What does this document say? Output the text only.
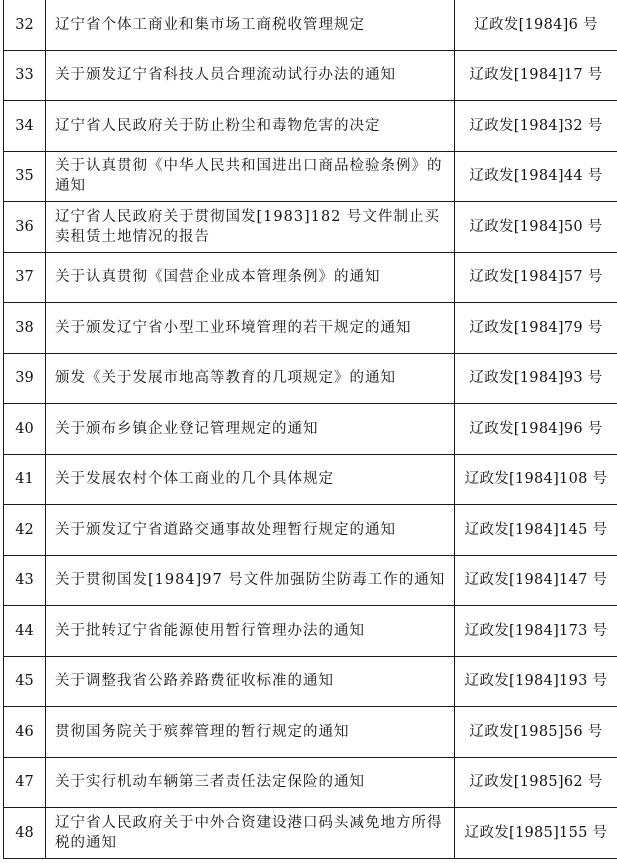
32	辽宁省个体工商业和集市场工商税收管理规定	辽政发[1984]6 号
33	关于颁发辽宁省科技人员合理流动试行办法的通知	辽政发[1984]17 号
34	辽宁省人民政府关于防止粉尘和毒物危害的决定	辽政发[1984]32 号
35	关于认真贯彻《中华人民共和国进出口商品检验条例》的通知	辽政发[1984]44 号
36	辽宁省人民政府关于贯彻国发[1983]182 号文件制止买卖租赁土地情况的报告	辽政发[1984]50 号
37	关于认真贯彻《国营企业成本管理条例》的通知	辽政发[1984]57 号
38	关于颁发辽宁省小型工业环境管理的若干规定的通知	辽政发[1984]79 号
39	颁发《关于发展市地高等教育的几项规定》的通知	辽政发[1984]93 号
40	关于颁布乡镇企业登记管理规定的通知	辽政发[1984]96 号
41	关于发展农村个体工商业的几个具体规定	辽政发[1984]108 号
42	关于颁发辽宁省道路交通事故处理暂行规定的通知	辽政发[1984]145 号
43	关于贯彻国发[1984]97 号文件加强防尘防毒工作的通知	辽政发[1984]147 号
44	关于批转辽宁省能源使用暂行管理办法的通知	辽政发[1984]173 号
45	关于调整我省公路养路费征收标准的通知	辽政发[1984]193 号
46	贯彻国务院关于殡葬管理的暂行规定的通知	辽政发[1985]56 号
47	关于实行机动车辆第三者责任法定保险的通知	辽政发[1985]62 号
48	辽宁省人民政府关于中外合资建设港口码头减免地方所得税的通知	辽政发[1985]155 号
